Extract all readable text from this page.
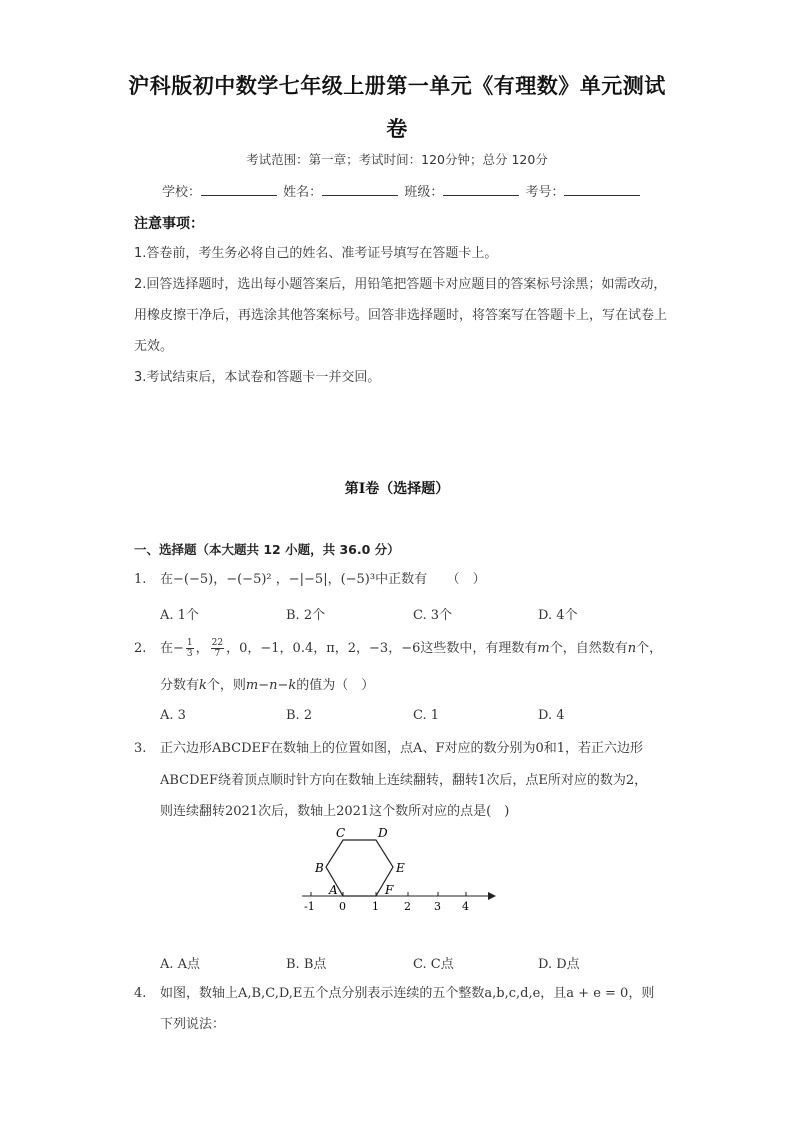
沪科版初中数学七年级上册第一单元《有理数》单元测试
卷
考试范围：第一章；考试时间：120分钟；总分 120分
学校：	姓名：	班级：	考号：
注意事项：
1.答卷前，考生务必将自己的姓名、准考证号填写在答题卡上。
2.回答选择题时，选出每小题答案后，用铅笔把答题卡对应题目的答案标号涂黑；如需改动，用橡皮擦干净后，再选涂其他答案标号。回答非选择题时，将答案写在答题卡上，写在试卷上无效。
3.考试结束后，本试卷和答题卡一并交回。
第Ⅰ卷（选择题）
一、选择题（本大题共 12 小题，共 36.0 分）
1. 在−(−5)，−(−5)² ，−|−5|，(−5)³中正数有　　（　）
A. 1个	B. 2个	C. 3个	D. 4个
2. 在− $\frac{1}{3}$ ， $\frac{22}{7}$ ，0，−1，0.4，π，2，−3，−6这些数中，有理数有m个，自然数有n个，
分数有k个，则m−n−k的值为（　）
A. 3	B. 2	C. 1	D. 4
3. 正六边形ABCDEF在数轴上的位置如图，点A、F对应的数分别为0和1，若正六边形
ABCDEF绕着顶点顺时针方向在数轴上连续翻转，翻转1次后，点E所对应的数为2，
则连续翻转2021次后，数轴上2021这个数所对应的点是(　)
A
B
C	D
E
F
-1 0 1 2 3 4
A. A点	B. B点	C. C点	D. D点
4. 如图，数轴上A,B,C,D,E五个点分别表示连续的五个整数a,b,c,d,e，且a + e = 0，则
下列说法：
